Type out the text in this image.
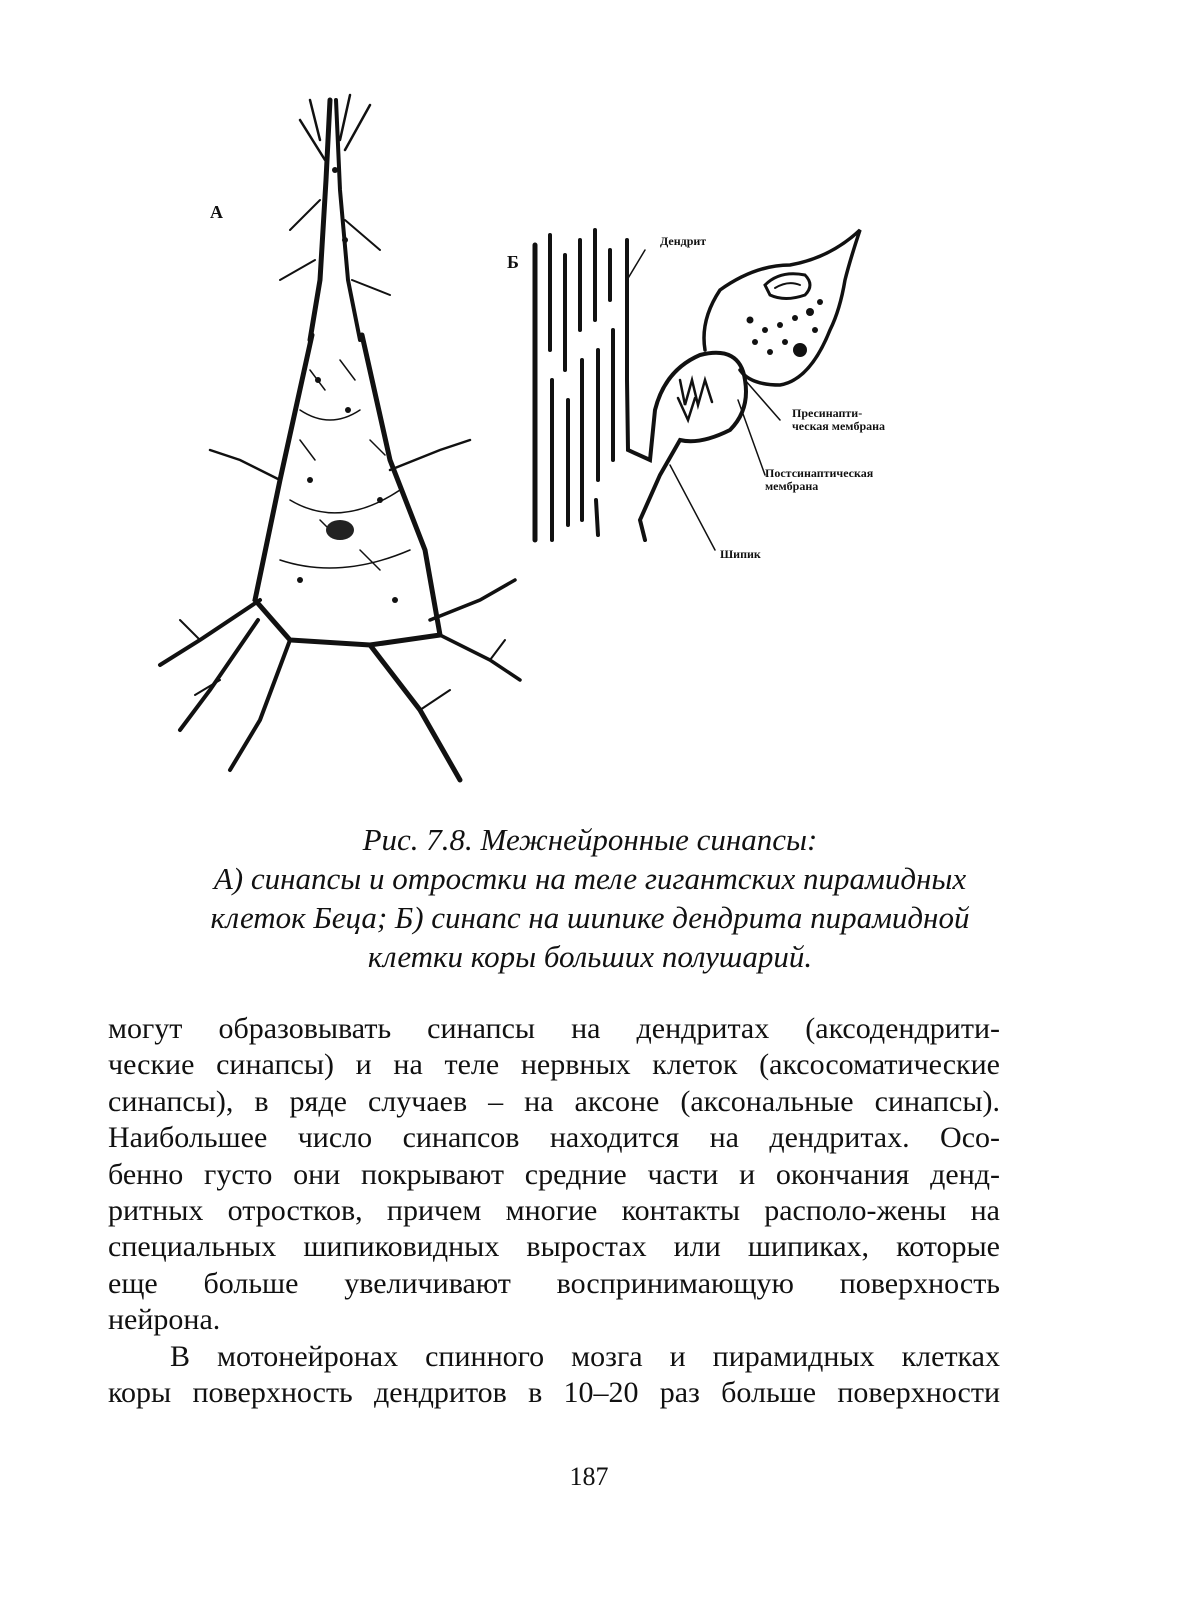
А
Б
Дендрит
Пресинапти-
ческая мембрана
Постсинаптическая
мембрана
Шипик
Рис. 7.8. Межнейронные синапсы:
А) синапсы и отростки на теле гигантских пирамидных
клеток Беца; Б) синапс на шипике дендрита пирамидной
клетки коры больших полушарий.

могут образовывать синапсы на дендритах (аксодендрити-
ческие синапсы) и на теле нервных клеток (аксосоматические
синапсы), в ряде случаев – на аксоне (аксональные синапсы).
Наибольшее число синапсов находится на дендритах. Осо-
бенно густо они покрывают средние части и окончания денд-
ритных отростков, причем многие контакты располо-жены на
специальных шипиковидных выростах или шипиках, которые
еще больше увеличивают воспринимающую поверхность
нейрона.

В мотонейронах спинного мозга и пирамидных клетках
коры поверхность дендритов в 10–20 раз больше поверхности

187
